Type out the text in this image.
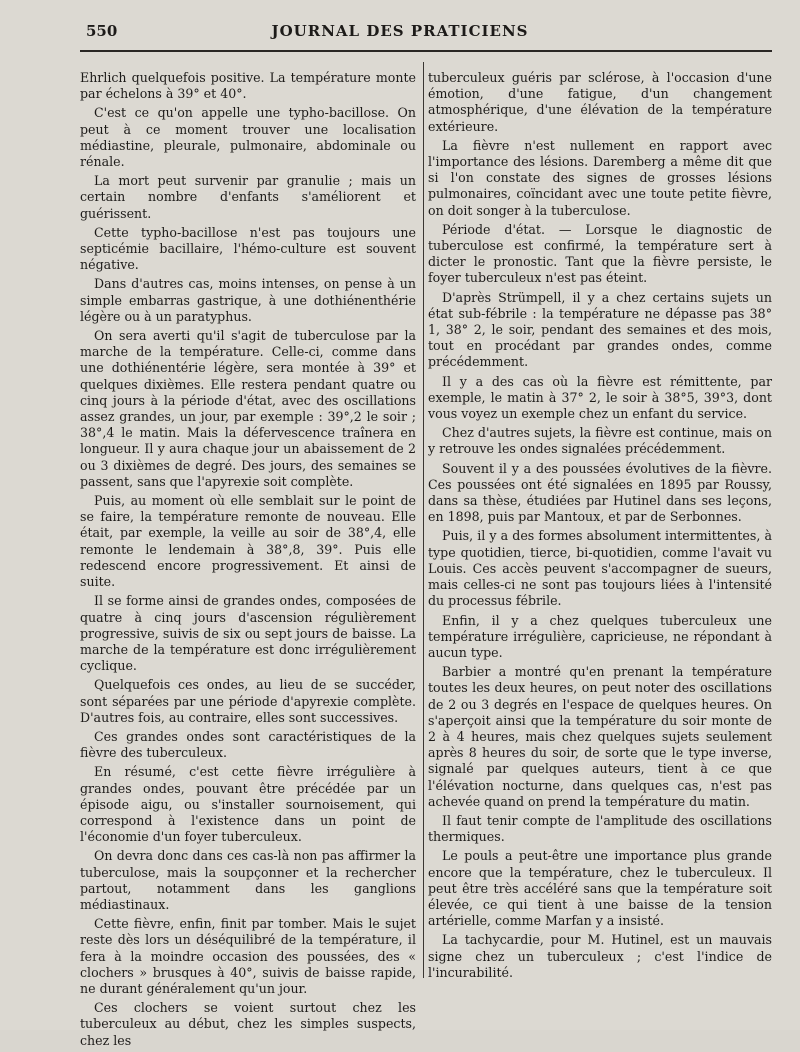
550	JOURNAL DES PRATICIENS

Ehrlich quelquefois positive. La température monte par échelons à 39° et 40°.

C'est ce qu'on appelle une typho-bacillose. On peut à ce moment trouver une localisation médiastine, pleurale, pulmonaire, abdominale ou rénale.

La mort peut survenir par granulie ; mais un certain nombre d'enfants s'améliorent et guérissent.

Cette typho-bacillose n'est pas toujours une septicémie bacillaire, l'hémo-culture est souvent négative.

Dans d'autres cas, moins intenses, on pense à un simple embarras gastrique, à une dothiénenthérie légère ou à un paratyphus.

On sera averti qu'il s'agit de tuberculose par la marche de la température. Celle-ci, comme dans une dothiénentérie légère, sera montée à 39° et quelques dixièmes. Elle restera pendant quatre ou cinq jours à la période d'état, avec des oscillations assez grandes, un jour, par exemple : 39°,2 le soir ; 38°,4 le matin. Mais la défervescence traînera en longueur. Il y aura chaque jour un abaissement de 2 ou 3 dixièmes de degré. Des jours, des semaines se passent, sans que l'apyrexie soit complète.

Puis, au moment où elle semblait sur le point de se faire, la température remonte de nouveau. Elle était, par exemple, la veille au soir de 38°,4, elle remonte le lendemain à 38°,8, 39°. Puis elle redescend encore progressivement. Et ainsi de suite.

Il se forme ainsi de grandes ondes, composées de quatre à cinq jours d'ascension régulièrement progressive, suivis de six ou sept jours de baisse. La marche de la température est donc irrégulièrement cyclique.

Quelquefois ces ondes, au lieu de se succéder, sont séparées par une période d'apyrexie complète. D'autres fois, au contraire, elles sont successives.

Ces grandes ondes sont caractéristiques de la fièvre des tuberculeux.

En résumé, c'est cette fièvre irrégulière à grandes ondes, pouvant être précédée par un épisode aigu, ou s'installer sournoisement, qui correspond à l'existence dans un point de l'économie d'un foyer tuberculeux.

On devra donc dans ces cas-là non pas affirmer la tuberculose, mais la soupçonner et la rechercher partout, notamment dans les ganglions médiastinaux.

Cette fièvre, enfin, finit par tomber. Mais le sujet reste dès lors un déséquilibré de la température, il fera à la moindre occasion des poussées, des « clochers » brusques à 40°, suivis de baisse rapide, ne durant généralement qu'un jour.

Ces clochers se voient surtout chez les tuberculeux au début, chez les simples suspects, chez les

tuberculeux guéris par sclérose, à l'occasion d'une émotion, d'une fatigue, d'un changement atmosphérique, d'une élévation de la température extérieure.

La fièvre n'est nullement en rapport avec l'importance des lésions. Daremberg a même dit que si l'on constate des signes de grosses lésions pulmonaires, coïncidant avec une toute petite fièvre, on doit songer à la tuberculose.

Période d'état. — Lorsque le diagnostic de tuberculose est confirmé, la température sert à dicter le pronostic. Tant que la fièvre persiste, le foyer tuberculeux n'est pas éteint.

D'après Strümpell, il y a chez certains sujets un état sub-fébrile : la température ne dépasse pas 38° 1, 38° 2, le soir, pendant des semaines et des mois, tout en procédant par grandes ondes, comme précédemment.

Il y a des cas où la fièvre est rémittente, par exemple, le matin à 37° 2, le soir à 38°5, 39°3, dont vous voyez un exemple chez un enfant du service.

Chez d'autres sujets, la fièvre est continue, mais on y retrouve les ondes signalées précédemment.

Souvent il y a des poussées évolutives de la fièvre. Ces poussées ont été signalées en 1895 par Roussy, dans sa thèse, étudiées par Hutinel dans ses leçons, en 1898, puis par Mantoux, et par de Serbonnes.

Puis, il y a des formes absolument intermittentes, à type quotidien, tierce, bi-quotidien, comme l'avait vu Louis. Ces accès peuvent s'accompagner de sueurs, mais celles-ci ne sont pas toujours liées à l'intensité du processus fébrile.

Enfin, il y a chez quelques tuberculeux une température irrégulière, capricieuse, ne répondant à aucun type.

Barbier a montré qu'en prenant la température toutes les deux heures, on peut noter des oscillations de 2 ou 3 degrés en l'espace de quelques heures. On s'aperçoit ainsi que la température du soir monte de 2 à 4 heures, mais chez quelques sujets seulement après 8 heures du soir, de sorte que le type inverse, signalé par quelques auteurs, tient à ce que l'élévation nocturne, dans quelques cas, n'est pas achevée quand on prend la température du matin.

Il faut tenir compte de l'amplitude des oscillations thermiques.

Le pouls a peut-être une importance plus grande encore que la température, chez le tuberculeux. Il peut être très accéléré sans que la température soit élevée, ce qui tient à une baisse de la tension artérielle, comme Marfan y a insisté.

La tachycardie, pour M. Hutinel, est un mauvais signe chez un tuberculeux ; c'est l'indice de l'incurabilité.
